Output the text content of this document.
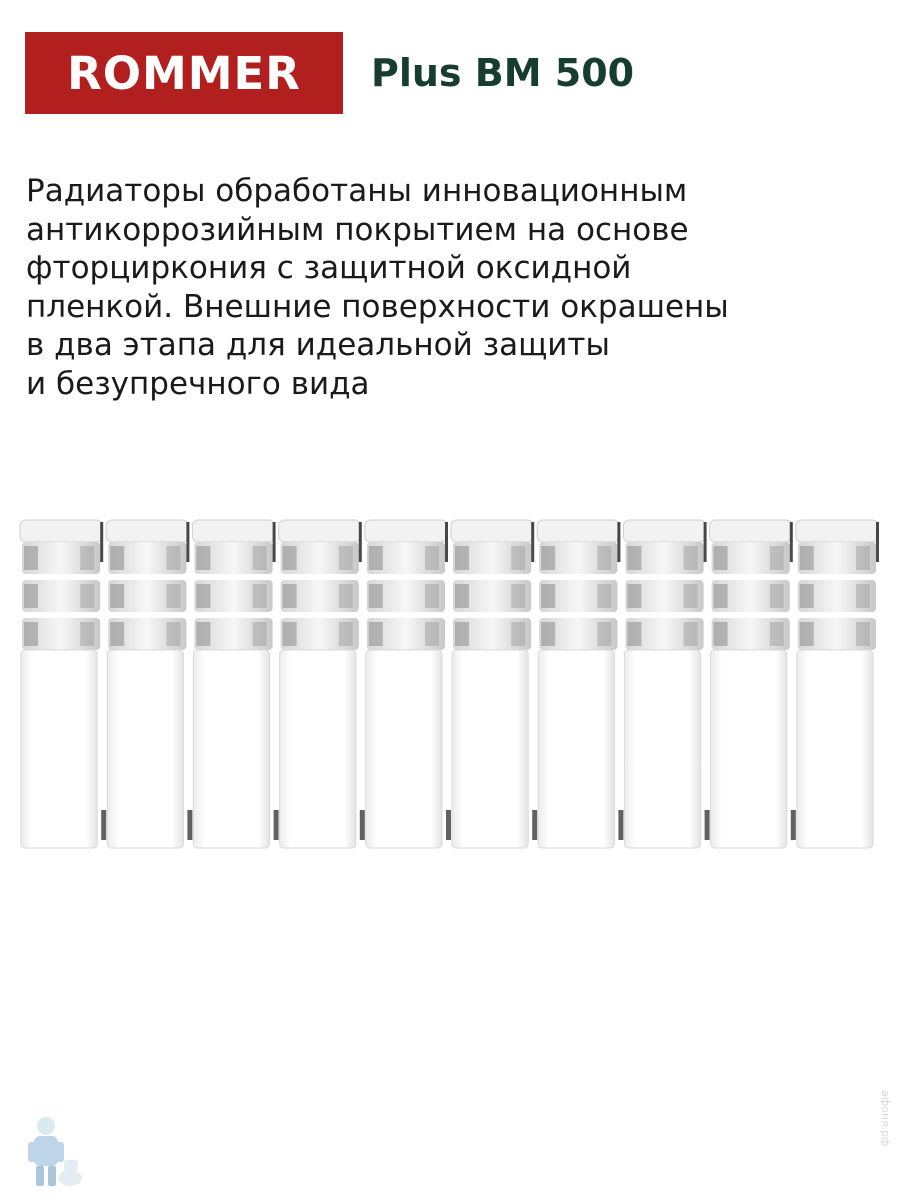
ROMMER Plus BM 500
Радиаторы обработаны инновационным
антикоррозийным покрытием на основе
фторциркония с защитной оксидной
пленкой. Внешние поверхности окрашены
в два этапа для идеальной защиты
и безупречного вида
афоня.рф
